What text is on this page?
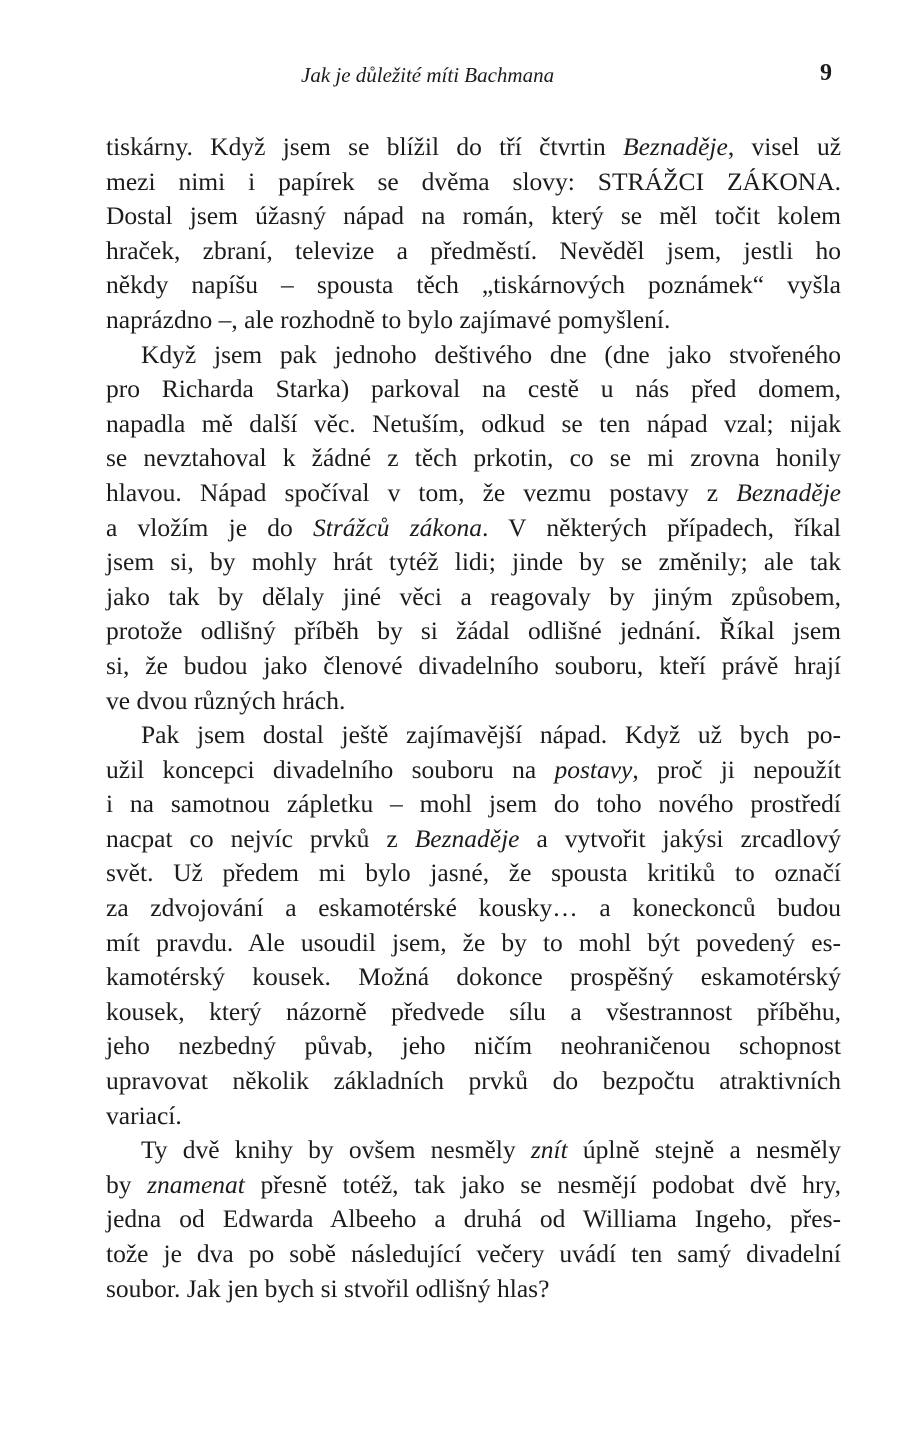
Jak je důležité míti Bachmana	9

tiskárny. Když jsem se blížil do tří čtvrtin Beznaděje, visel už
mezi nimi i papírek se dvěma slovy: STRÁŽCI ZÁKONA.
Dostal jsem úžasný nápad na román, který se měl točit kolem
hraček, zbraní, televize a předměstí. Nevěděl jsem, jestli ho
někdy napíšu – spousta těch „tiskárnových poznámek“ vyšla
naprázdno –, ale rozhodně to bylo zajímavé pomyšlení.

Když jsem pak jednoho deštivého dne (dne jako stvořeného
pro Richarda Starka) parkoval na cestě u nás před domem,
napadla mě další věc. Netuším, odkud se ten nápad vzal; nijak
se nevztahoval k žádné z těch prkotin, co se mi zrovna honily
hlavou. Nápad spočíval v tom, že vezmu postavy z Beznaděje
a vložím je do Strážců zákona. V některých případech, říkal
jsem si, by mohly hrát tytéž lidi; jinde by se změnily; ale tak
jako tak by dělaly jiné věci a reagovaly by jiným způsobem,
protože odlišný příběh by si žádal odlišné jednání. Říkal jsem
si, že budou jako členové divadelního souboru, kteří právě hrají
ve dvou různých hrách.

Pak jsem dostal ještě zajímavější nápad. Když už bych po-
užil koncepci divadelního souboru na postavy, proč ji nepoužít
i na samotnou zápletku – mohl jsem do toho nového prostředí
nacpat co nejvíc prvků z Beznaděje a vytvořit jakýsi zrcadlový
svět. Už předem mi bylo jasné, že spousta kritiků to označí
za zdvojování a eskamotérské kousky… a koneckonců budou
mít pravdu. Ale usoudil jsem, že by to mohl být povedený es-
kamotérský kousek. Možná dokonce prospěšný eskamotérský
kousek, který názorně předvede sílu a všestrannost příběhu,
jeho nezbedný půvab, jeho ničím neohraničenou schopnost
upravovat několik základních prvků do bezpočtu atraktivních
variací.

Ty dvě knihy by ovšem nesměly znít úplně stejně a nesměly
by znamenat přesně totéž, tak jako se nesmějí podobat dvě hry,
jedna od Edwarda Albeeho a druhá od Williama Ingeho, přes-
tože je dva po sobě následující večery uvádí ten samý divadelní
soubor. Jak jen bych si stvořil odlišný hlas?
